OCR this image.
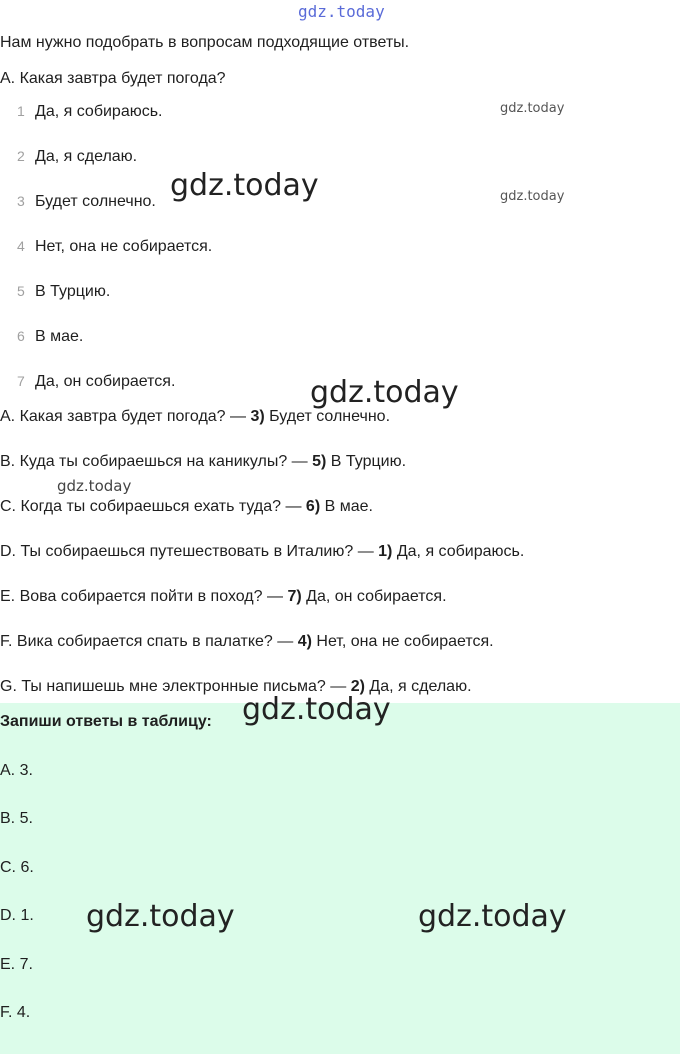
gdz.today
Нам нужно подобрать в вопросам подходящие ответы.
A. Какая завтра будет погода?
1 Да, я собираюсь.
2 Да, я сделаю.
3 Будет солнечно.
4 Нет, она не собирается.
5 В Турцию.
6 В мае.
7 Да, он собирается.
A. Какая завтра будет погода? — 3) Будет солнечно.
B. Куда ты собираешься на каникулы? — 5) В Турцию.
C. Когда ты собираешься ехать туда? — 6) В мае.
D. Ты собираешься путешествовать в Италию? — 1) Да, я собираюсь.
E. Вова собирается пойти в поход? — 7) Да, он собирается.
F. Вика собирается спать в палатке? — 4) Нет, она не собирается.
G. Ты напишешь мне электронные письма? — 2) Да, я сделаю.
Запиши ответы в таблицу:
A. 3.
B. 5.
C. 6.
D. 1.
E. 7.
F. 4.
gdz.today
gdz.today
gdz.today
gdz.today
gdz.today
gdz.today
gdz.today	gdz.today
